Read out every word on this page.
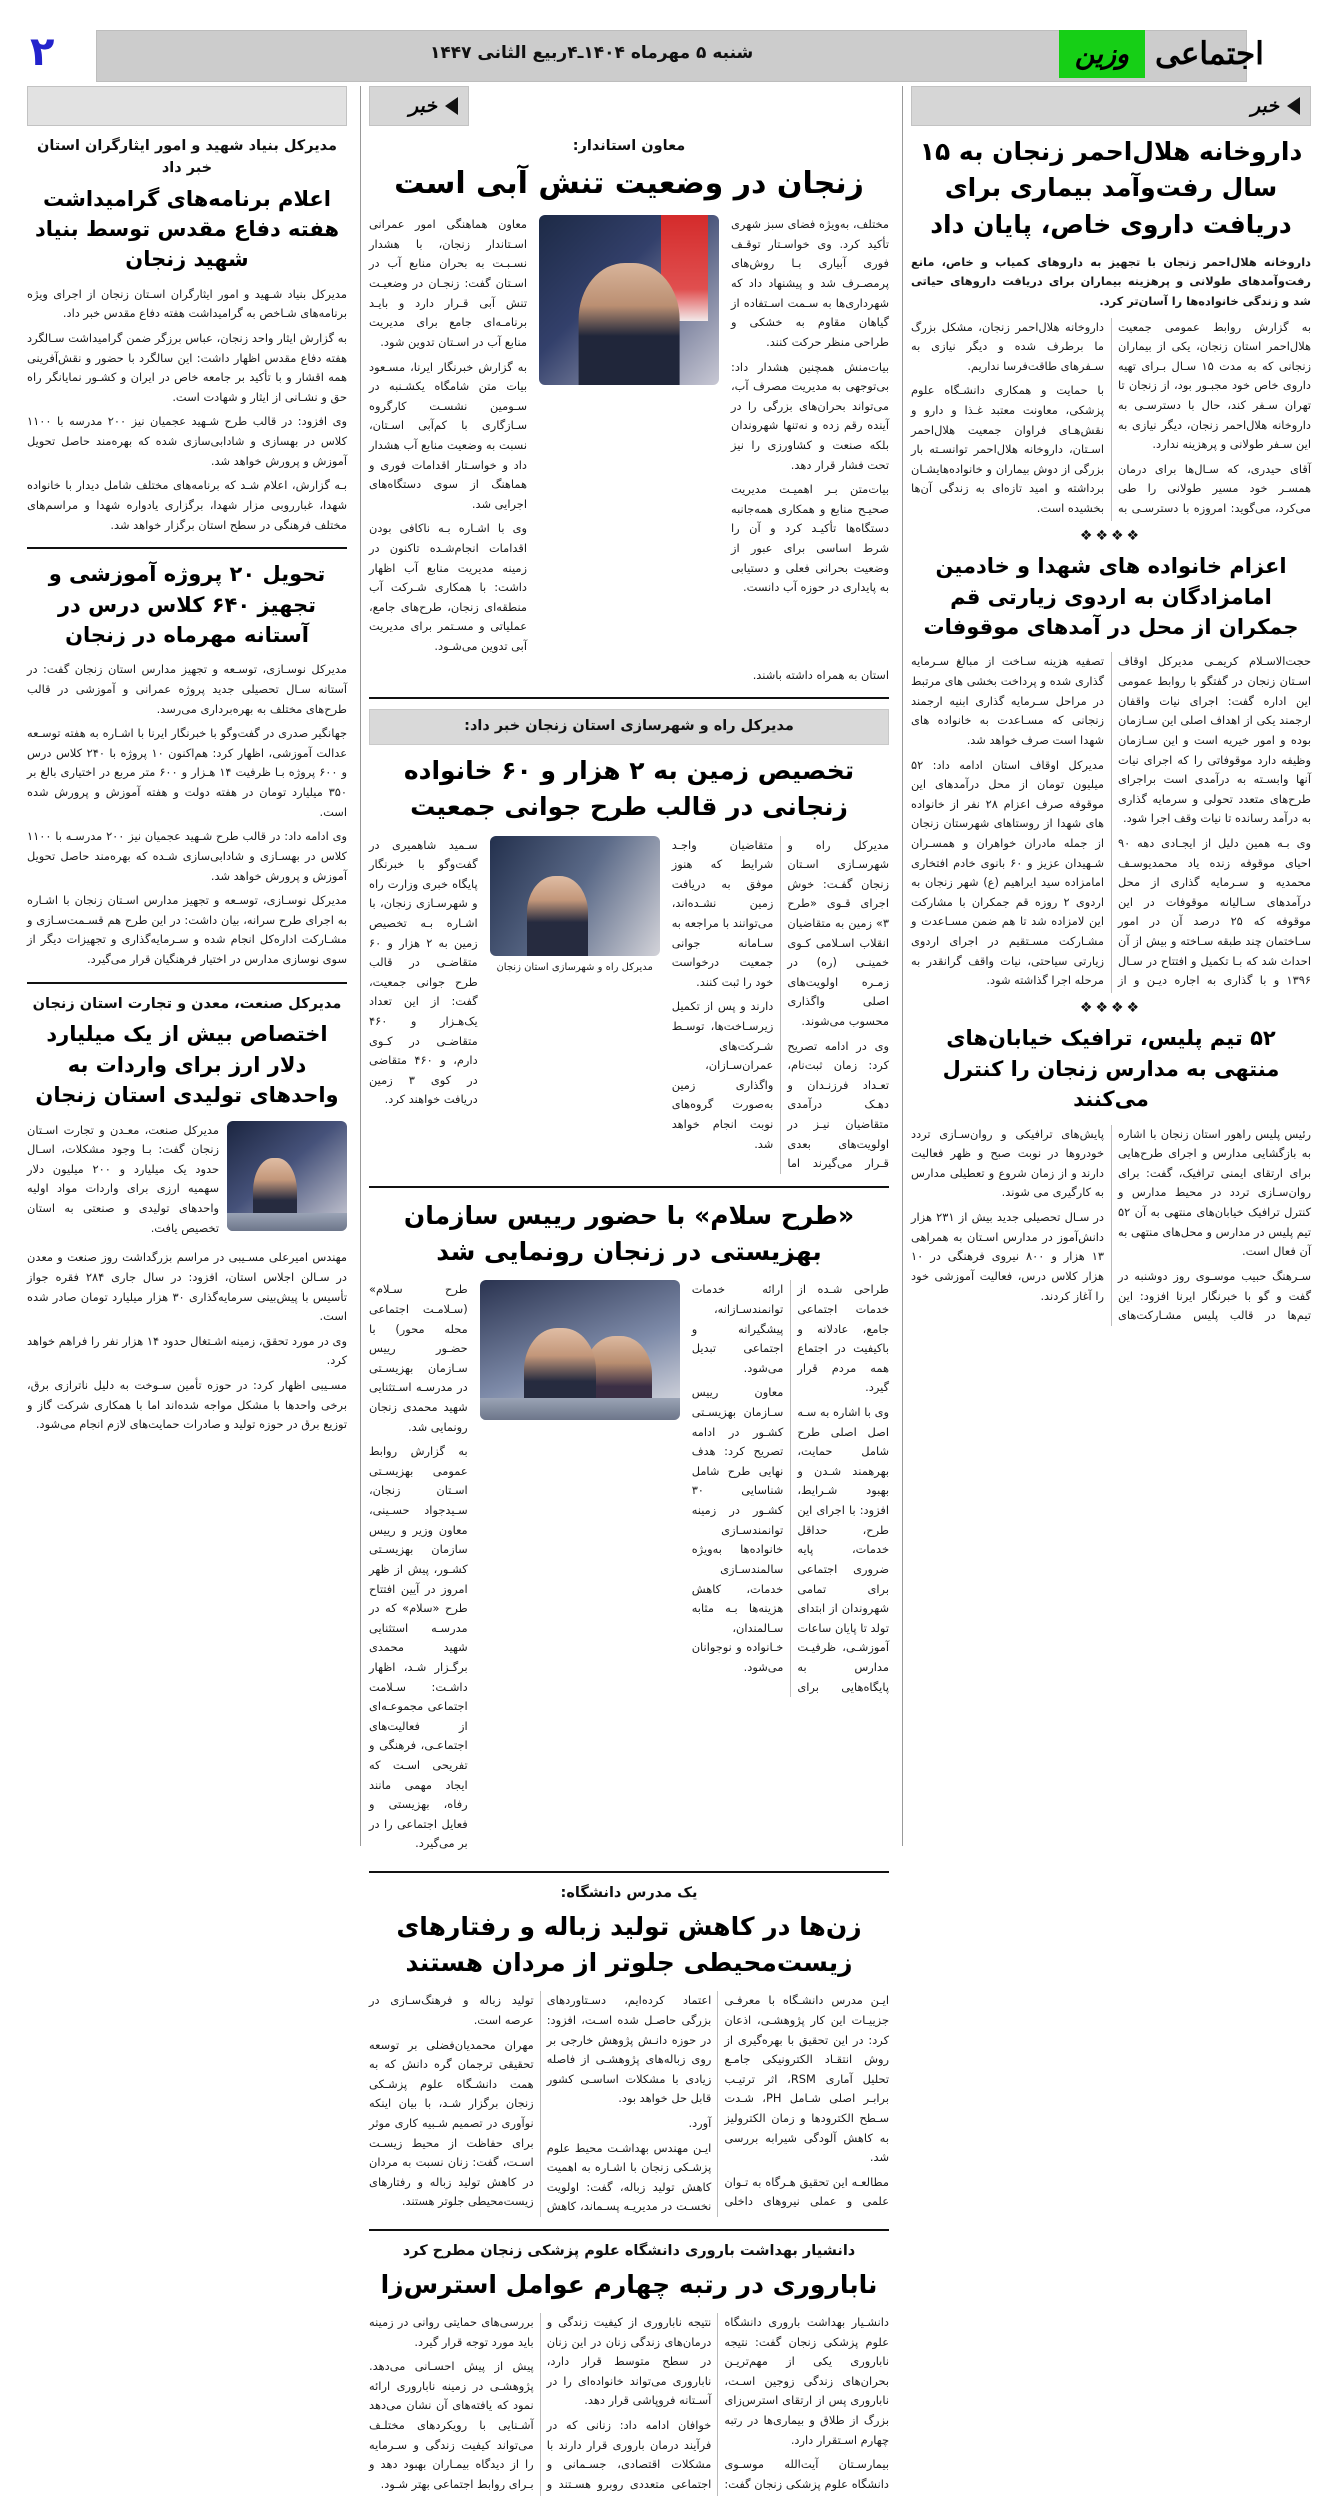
۲	شنبه ۵ مهرماه ۱۴۰۴ـ۴ربیع الثانی ۱۴۴۷	وزین اجتماعی
خبر
داروخانه هلال‌احمر زنجان به ۱۵ سال رفت‌وآمد بیماری برای دریافت داروی خاص، پایان داد
داروخانه هلال‌احمر زنجان با تجهیز به داروهای کمیاب و خاص، مانع رفت‌وآمدهای طولانی و پرهزینه بیماران برای دریافت داروهای حیاتی شد و زندگی خانواده‌ها را آسان‌تر کرد.

به گزارش روابط عمومی جمعیت هلال‌احمر استان زنجان، یکی از بیماران زنجانی که به مدت ۱۵ سـال بـرای تهیه داروی خاص خود مجبـور بود، از زنجان تا تهران سـفر کند، حال با دسترسـی به داروخانه هلال‌احمر زنجان، دیگر نیازی به این سـفر طولانی و پرهزینه ندارد.

آقای حیدری، که سـال‌ها برای درمان همسـر خود مسیر طولانی را طی می‌کرد، می‌گوید: امروزه با دسترسـی به داروخانه هلال‌احمر زنجان، مشکل بزرگ ما برطرف شده و دیگر نیازی به سـفرهای طاقت‌فرسا نداریم.

با حمایت و همکاری دانشـگاه علوم پزشکی، معاونت معتبد غـذا و دارو و نقش‌هـای فراوان جمعیت هلال‌احمر اسـتان، داروخانه هلال‌احمر توانسـته بار بزرگی از دوش بیماران و خانواده‌هایشـان برداشته و امید تازه‌ای به زندگی آن‌ها بخشیده است.

❖❖❖❖
اعزام خانواده های شهدا و خادمین امامزادگان به اردوی زیارتی قم جمکران از محل در آمدهای موقوفات

حجت‌الاسـلام کریمـی مدیرکل اوقاف اسـتان زنجان در گفتگو با روابط عمومی این اداره گفت: اجرای نیات واقفان ارجمند یکی از اهداف اصلی این سـازمان بوده و امور خیریه است و این سـازمان وظیفه دارد موقوفاتی را که اجرای نیات آنها وابسـته به درآمدی است براجرای طرح‌های متعدد تحولی و سرمایه گذاری به درآمد رسانده تا نیات وقف اجرا شود.

وی بـه همین دلیل از ایجـادی دهه ۹۰ احیای موقوفه زنده یاد محمدیوسـف محمدیه و سـرمایه گذاری از محل درآمدهای سـالیانه موقوفات در این موقوفه که ۲۵ درصد آن در امور سـاختمان چند طبقه سـاخته و بیش از آن احداث شد که بـا تکمیل و افتتاح در سـال ۱۳۹۶ و با گذاری به اجاره دیـن و از تصفیه هزینه سـاخت از مبالغ سـرمایه گذاری شده و پرداخت بخشی های مرتبط در مراحل سـرمایه گذاری ابنیه ارجمند زنجانی که مسـاعدت به خانواده های شهدا است صرف خواهد شد.

مدیرکل اوقاف استان ادامه داد: ۵۲ میلیون تومان از محل درآمدهای این موقوفه صرف اعزام ۲۸ نفر از خانواده های شهدا از روستاهای شهرستان زنجان از جمله مادران خواهران و همسـران شـهیدان عزیز و ۶۰ بانوی خادم افتخاری امامزاده سید ایراهیم (ع) شهر زنجان به اردوی ۲ روزه قم جمکران با مشارکت این لامزاده شد تا هم ضمن مسـاعدت و مشـارکت مسـتقیم در اجرای اردوی زیارتی سیاحتی، نیات واقف گرانقدر به مرحله اجرا گذاشته شود.

❖❖❖❖
۵۲ تیم پلیس، ترافیک خیابان‌های منتهی به مدارس زنجان را کنترل می‌کنند

رئیس پلیس راهور استان زنجان با اشاره به بازگشایی مدارس و اجرای طرح‌هایی برای ارتقای ایمنی ترافیک، گفت: برای روان‌سـازی تردد در محیط مدارس و کنترل ترافیک خیابان‌های منتهی به آن ۵۲ تیم پلیس در مدارس و محل‌های منتهی به آن فعال است.

سـرهنگ حبیب موسـوی روز دوشنبه در گفت و گو با خبرنگار ایرنا افزود: این تیم‌ها در قالب پلیس مشـارکت‌های پایش‌های ترافیکی و روان‌سـازی تردد خودروها در نوبت صبح و ظهر فعالیت دارند و از زمان شروع و تعطیلی مدارس به کارگیری می شوند.

در سـال تحصیلی جدید بیش از ۲۳۱ هزار دانش‌آموز در مدارس اسـتان به همراهی ۱۳ هزار و ۸۰۰ نیروی فرهنگی در ۱۰ هزار کلاس درس، فعالیت آموزشی خود را آغاز کردند.

خبر
معاون استاندار:
زنجان در وضعیت تنش آبی است

مختلف، به‌ویژه فضای سبز شهری تأکید کرد. وی خواسـتار توقـف فوری آبیاری بـا روش‌های پرمصـرف شد و پیشنهاد داد که شهرداری‌ها به سـمت اسـتفاده از گیاهان مقاوم به خشکی و طراحی منظر حرکت کنند.

بیات‌منش همچنین هشدار داد: بی‌توجهی به مدیریت مصرف آب، می‌تواند بحران‌های بزرگی را در آینده رقم زده و نه‌تنها شهروندان بلکه صنعت و کشاورزی را نیز تحت فشار قرار دهد.

بیات‌متن بـر اهمیـت مدیریت صحیـح منابع و همکاری همه‌جانبه دستگاه‌ها تأکیـد کرد و آن را شرط اساسی برای عبور از وضعیت بحرانی فعلی و دستیابی به پایداری در حوزه آب دانست.

معاون هماهنگی امور عمرانی اسـتاندار زنجان، با هشدار نسـبـت به بحران منابع آب در اسـتان گفت: زنجـان در وضعیـت تنش آبی قـرار دارد و بایـد برنامـه‌ای جامع برای مدیریت منابع آب در اسـتان تدوین شود.

به گزارش خبرنگار ایرنا، مسـعود بیات متن شامگاه یکشـنبه در سـومین نشسـت کارگروه سـازگاری با کم‌آبی اسـتان، نسبت به وضعیت منابع آب هشدار داد و خواسـتار اقدامات فوری و هماهنگ از سوی دستگاه‌های اجرایی شد.

وی با اشـاره بـه ناکافی بودن اقدامات انجام‌شـده تاکنون در زمینه مدیریت منابع آب اظهار داشت: با همکاری شـرکت آب منطقه‌ای زنجان، طرح‌های جامع، عملیاتی و مسـتمر برای مدیریت آبی تدوین می‌شـود.

استان به همراه داشته باشند.
مدیرکل راه و شهرسازی استان زنجان خبر داد:
تخصیص زمین به ۲ هزار و ۶۰ خانواده زنجانی در قالب طرح جوانی جمعیت

مدیرکل راه و شهرسـازی اسـتان زنجان گفـت: خوش اجرای قـوی «طرح ۳» زمین به متقاضیان انقلاب اسـلامی کـوی خمینـی (ره) در زمـره اولویت‌های اصلی واگذاری محسوب می‌شوند.

وی در ادامه تصریح کرد: زمان ثبت‌نام، تعـداد فرزنـدان و دهـک درآمدی متقاضیان نیـز در اولویت‌های بعدی قـرار می‌گیرند اما متقاضیان واجـد شرایط که هنوز موفق به دریافت زمین نشـده‌اند، می‌توانند با مراجعه به سـامانه جوانی جمعیت درخواست خود را ثبت کنند.

دارند و پس از تکمیل زیرسـاخت‌ها، توسـط شـرکت‌های عمران‌سـازان، واگذاری زمین به‌صورت گروه‌های نوبت انجام خواهد شد.

مدیرکل راه و شهرسازی استان زنجان

سـمید شاهمیری در گفت‌وگو با خبرنگار پایگاه خبری وزارت راه و شهرسـازی زنجان، با اشـاره بـه تخصیص زمین به ۲ هزار و ۶۰ متقاضـی در قالب طرح جوانی جمعیت، گفت: از این تعداد یک‌هـزار و ۴۶۰ متقاضـی در کـوی دارم، و ۴۶۰ متقاضی در کوی ۳ زمین دریافت خواهند کرد.

«طرح سلام» با حضور رییس سازمان بهزیستی در زنجان رونمایی شد

طراحی شـده از خدمات اجتماعی جامع، عادلانه و باکیفیت در اجتماع همه مردم قرار گیرد.

وی با اشاره به سـه اصل اصلی طرح شامل حمایت، بهرهمند شـدن و بهبود شـرایط، افزود: با اجرای این طرح، حداقل خدمات، پایه ضروری اجتماعی برای تمامی شهروندان از ابتدای تولد تا پایان ساعات آموزشـی، ظرفیـت مدارس به پایگاه‌هایی برای ارائه خدمات توانمندسـازانه، پیشگیرانه و اجتماعی تبدیل می‌شود.

معاون رییس سـازمان بهزیسـتی کشـور در ادامه تصریح کرد: هدف نهایی طرح شامل شناسایی ۳۰ کشـور در زمینه توانمندسـازی خانواده‌ها به‌ویژه سالمندسـازی خدمات، کاهش هزینه‌ها بـه مثابه سـالمندان، خـانواده و نوجوانان می‌شود.

طرح سـلام» (سـلامـت اجتماعی محله محور) با حضـور رییس سـازمان بهزیسـتی در مدرسـه اسـتثنایی شهید محمدی زنجان رونمایی شد.

به گزارش روابط عمومی بهزیسـتی اسـتان زنجان، سـیدجواد حسـینی، معاون وزیر و رییس سازمان بهزیسـتی کشـور، پیش از ظهر امروز در آیین افتتاح طرح «سلام» که در مدرسـه استثنایی شهید محمدی برگـزار شـد، اظهار داشـت: سـلامت اجتماعی مجموعـه‌ای از فعالیت‌های اجتماعـی، فرهنگی و تفریحی اسـت که ایجاد مهمی مانند رفاه، بهزیستی و فعایل اجتماعی را در بر می‌گیرد.

یک مدرس دانشگاه:
زن‌ها در کاهش تولید زباله و رفتارهای زیست‌محیطی جلوتر از مردان هستند

ایـن مدرس دانشـگاه با معرفـی جزییـات این کار پژوهشـی، اذعان کرد: در این تحقیق با بهره‌گیری از روش انتقـاد الکترونیکی جامـع تحلیل آماری RSM، اثر ترتیـب برابـر اصلی شـامل PH، شـدت سـطح الکترودها و زمان الکترولیز به کاهش آلودگی شیرابه بررسی شد.

مطالعـه این تحقیق هـرگاه به تـوان علمی و عملی نیروهای داخلی اعتماد کرده‌ایم، دسـتاوردهای بزرگی حاصـل شده اسـت، افزود: در حوزه دانـش پژوهش خارجی بر روی زباله‌های پژوهشـی از فاصله زیادی با مشکلات اساسـی کشور قابل حل خواهد بود.

آورد.

ایـن مهندس بهداشـت محیط علوم پزشـکی زنجان با اشـاره به اهمیت کاهش تولید زباله، گفت: اولویت نخسـت در مدیریـه پسـماند، کاهش تولید زباله و فرهنگ‌سـازی در عرصه است.

مهران محمدیان‌فضلی بر توسعه تحقیقی ترجمان گره دانش که به همت دانشـگاه علوم پزشـکی زنجان برگزار شـد، با بیان اینکه نوآوری در تصمیم شـبیه کاری موثر برای حفاظت از محیط زیسـت اسـت، گفت: زنان نسبت به مردان در کاهش تولید زباله و رفتارهای زیست‌محیطی جلوتر هستند.

دانشیار بهداشت باروری دانشگاه علوم پزشکی زنجان مطرح کرد
ناباروری در رتبه چهارم عوامل استرس‌زا

دانشـیار بهداشت باروری دانشگاه علوم پزشکی زنجان گفت: نتیجه ناباروری یکی از مهم‌تریـن بحران‌های زندگی زوجین اسـت، ناباروری پس از ارتقای استرس‌زای بزرگ از طلاق و بیماری‌ها در رتبه چهارم اسـتقرار دارد.

بیمارسـتان آیت‌الله موسـوی دانشگاه علوم پزشکی زنجان گفت: نتیجه ناباروری از کیفیت زندگی و درمان‌های زندگی زنان در این زنان در سطح متوسط قرار دارد، ناباروری می‌تواند خانواده‌ای را در آسـتانه فروپاشی قرار دهد.

خوافان ادامه داد: زنانی که در فرآیند درمان باروری قرار دارند با مشکلات اقتصادی، جسـمانی و اجتماعی متعددی روبرو هسـتند و بررسی‌های حمایتی روانی در زمینه باید مورد توجه قرار گیرد.

پیش از پیش احسـانی می‌دهد. پژوهشـی در زمینه ناباروری ارائه نمود که یافته‌های آن نشان می‌دهد آشـنایی با رویکردهای مختلـف می‌تواند کیفیت زندگی و سـرمایه را از دیدگاه بیمـاران بهبود دهد و بـرای روابط اجتماعی بهتر شـود.

مدیرکل بنیاد شهید و امور ایثارگران استان خبر داد
اعلام برنامه‌های گرامیداشت هفته دفاع مقدس توسط بنیاد شهید زنجان

مدیرکل بنیاد شـهید و امور ایثارگران اسـتان زنجان از اجرای ویژه برنامه‌های شـاخص به گرامیداشت هفته دفاع مقدس خبر داد.

به گزارش ایثار واحد زنجان، عباس برزگر ضمن گرامیداشت سـالگرد هفته دفاع مقدس اظهار داشت: این سالگرد با حضور و نقش‌آفرینی همه اقشار و با تأکید بر جامعه خاص در ایران و کشـور نمایانگر راه حق و نشـانی از ایثار و شهادت است.

وی افزود: در قالب طرح شـهید عجمیان نیز ۲۰۰ مدرسه با ۱۱۰۰ کلاس در بهسازی و شادابی‌سازی شده که بهره‌مند حاصل تحویل آموزش و پرورش خواهد شد.

بـه گزارش، اعلام شـد که برنامه‌های مختلف شامل دیدار با خانواده شهدا، غبارروبی مزار شهدا، برگزاری یادواره شهدا و مراسم‌های مختلف فرهنگی در سطح استان برگزار خواهد شد.

تحویل ۲۰ پروژه آموزشی و تجهیز ۶۴۰ کلاس درس در آستانه مهرماه در زنجان

مدیرکل نوسـازی، توسـعه و تجهیز مدارس استان زنجان گفت: در آستانه سـال تحصیلی جدید پروژه عمرانی و آموزشی در قالب طرح‌های مختلف به بهره‌برداری می‌رسد.

جهانگیر صدری در گفت‌وگو با خبرنگار ایرنا با اشـاره به هفته توسـعه عدالت آموزشی، اظهار کرد: هم‌اکنون ۱۰ پروژه با ۲۴۰ کلاس درس و ۶۰۰ پروژه بـا ظرفیت ۱۴ هـزار و ۶۰۰ متر مربع در اختیاری بالغ بر ۳۵۰ میلیارد تومان در هفته دولت و هفته آموزش و پرورش شده است.

وی ادامه داد: در قالب طرح شـهید عجمیان نیز ۲۰۰ مدرسـه با ۱۱۰۰ کلاس در بهسـازی و شادابی‌سازی شـده که بهره‌مند حاصل تحویل آموزش و پرورش خواهد شد.

مدیرکل نوسـازی، توسـعه و تجهیز مدارس اسـتان زنجان با اشـاره به اجرای طرح سرانه، بیان داشت: در این طرح هم قسـمت‌سـازی و مشـارکت اداره‌کل انجام شده و سـرمایه‌گذاری و تجهیزات دیگر از سوی نوسازی مدارس در اختیار فرهنگیان قرار می‌گیرد.

مدیرکل صنعت، معدن و تجارت استان زنجان
اختصاص بیش از یک میلیارد دلار ارز برای واردات به واحدهای تولیدی استان زنجان

مدیرکل صنعت، معـدن و تجارت اسـتان زنجان گفت: بـا وجود مشکلات، اسـال حدود یک میلیارد و ۲۰۰ میلیون دلار سهمیه ارزی برای واردات مواد اولیه واحدهای تولیدی و صنعتی به استان تخصیص یافت.

مهندس امیرعلی مسـیبی در مراسم بزرگداشت روز صنعت و معدن در سـالن اجلاس استان، افزود: در سال جاری ۲۸۴ فقره جواز تأسیس با پیش‌بینی سرمایه‌گذاری ۳۰ هزار میلیارد تومان صادر شده است.

وی در مورد تحقق، زمینه اشـتغال حدود ۱۴ هزار نفر را فراهم خواهد کرد.

مسـیبی اظهار کرد: در حوزه تأمین سـوخت به دلیل ناترازی برق، برخی واحدها با مشکل مواجه شده‌اند اما با همکاری شرکت گاز و توزیع برق در حوزه تولید و صادرات حمایت‌های لازم انجام می‌شود.
